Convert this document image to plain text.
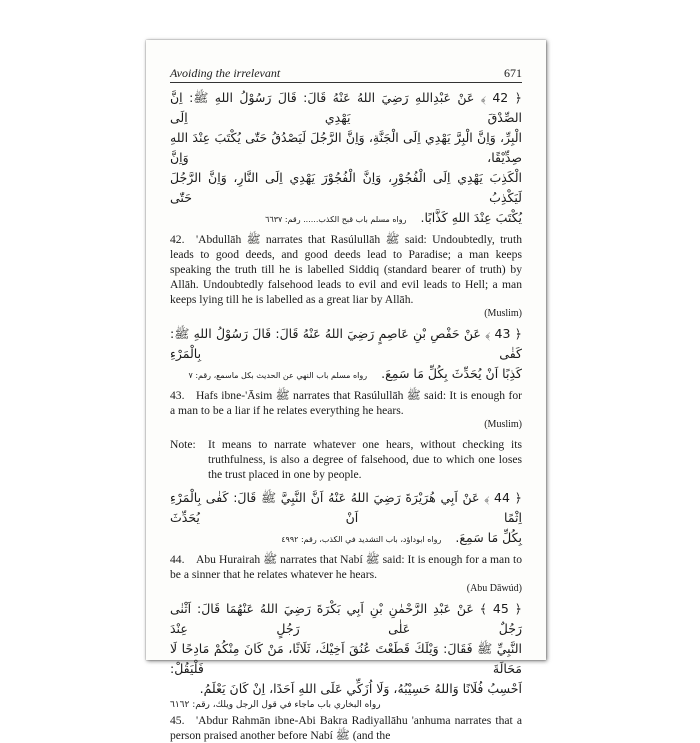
Avoiding the irrelevant	671
﴿ 42 ﴾ عَنْ عَبْدِاللهِ رَضِيَ اللهُ عَنْهُ قَالَ: قَالَ رَسُوْلُ اللهِ ﷺ: اِنَّ الصِّدْقَ يَهْدِي اِلَى
الْبِرِّ، وَاِنَّ الْبِرَّ يَهْدِي اِلَى الْجَنَّةِ، وَاِنَّ الرَّجُلَ لَيَصْدُقُ حَتّٰى يُكْتَبَ عِنْدَ اللهِ صِدِّيْقًا، وَاِنَّ
الْكَذِبَ يَهْدِي اِلَى الْفُجُوْرِ، وَاِنَّ الْفُجُوْرَ يَهْدِي اِلَى النَّارِ، وَاِنَّ الرَّجُلَ لَيَكْذِبُ حَتّٰى
يُكْتَبَ عِنْدَ اللهِ كَذَّابًا. رواه مسلم باب قبح الكذب...... رقم: ٦٦٣٧

42. 'Abdullāh ﷺ narrates that Rasúlullāh ﷺ said: Undoubtedly, truth leads to good deeds, and good deeds lead to Paradise; a man keeps speaking the truth till he is labelled Siddiq (standard bearer of truth) by Allāh. Undoubtedly falsehood leads to evil and evil leads to Hell; a man keeps lying till he is labelled as a great liar by Allāh.

(Muslim)
﴿ 43 ﴾ عَنْ حَفْصِ بْنِ عَاصِمٍ رَضِيَ اللهُ عَنْهُ قَالَ: قَالَ رَسُوْلُ اللهِ ﷺ: كَفٰى بِالْمَرْءِ
كَذِبًا اَنْ يُحَدِّثَ بِكُلِّ مَا سَمِعَ. رواه مسلم باب النهي عن الحديث بكل ماسمع، رقم: ٧

43. Hafs ibne-'Āsim ﷺ narrates that Rasúlullāh ﷺ said: It is enough for a man to be a liar if he relates everything he hears.

(Muslim)
Note:	It means to narrate whatever one hears, without checking its truthfulness, is also a degree of falsehood, due to which one loses the trust placed in one by people.
﴿ 44 ﴾ عَنْ اَبِي هُرَيْرَةَ رَضِيَ اللهُ عَنْهُ اَنَّ النَّبِيَّ ﷺ قَالَ: كَفٰى بِالْمَرْءِ اِثْمًا اَنْ يُحَدِّثَ
بِكُلِّ مَا سَمِعَ. رواه ابوداؤد، باب التشديد في الكذب، رقم: ٤٩٩٢

44. Abu Hurairah ﷺ narrates that Nabí ﷺ said: It is enough for a man to be a sinner that he relates whatever he hears.

(Abu Dāwúd)
﴿ 45 ﴾ عَنْ عَبْدِ الرَّحْمٰنِ بْنِ اَبِي بَكْرَةَ رَضِيَ اللهُ عَنْهُمَا قَالَ: اَثْنٰى رَجُلٌ عَلٰى رَجُلٍ عِنْدَ
النَّبِيِّ ﷺ فَقَالَ: وَيْلَكَ قَطَعْتَ عُنُقَ اَخِيْكَ، ثَلَاثًا، مَنْ كَانَ مِنْكُمْ مَادِحًا لَا مَحَالَةَ فَلْيَقُلْ:
اَحْسِبُ فُلَانًا وَاللهُ حَسِيْبُهُ، وَلَا اُزَكِّي عَلَى اللهِ اَحَدًا، اِنْ كَانَ يَعْلَمُ.
رواه البخاري باب ماجاء في قول الرجل ويلك، رقم: ٦١٦٢

45. 'Abdur Rahmān ibne-Abi Bakra Radiyallāhu 'anhuma narrates that a person praised another before Nabí ﷺ (and the
